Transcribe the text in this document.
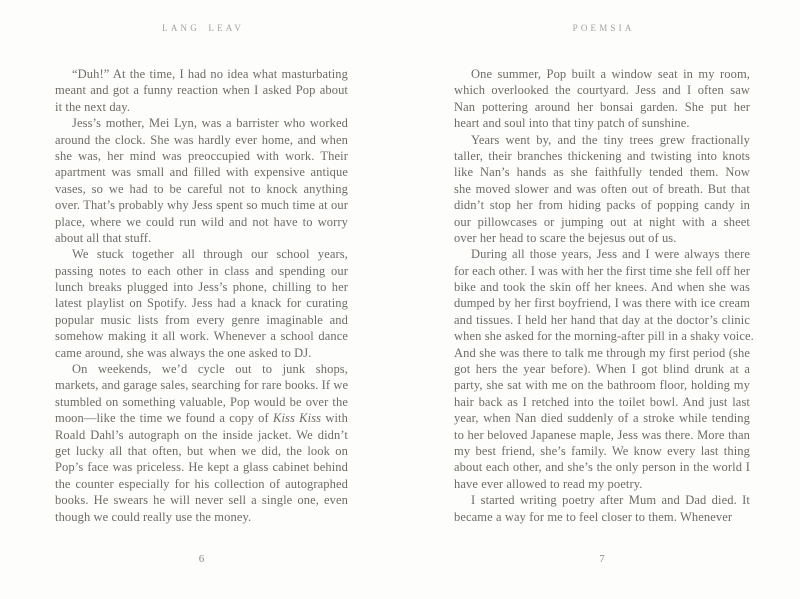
LANG LEAV
“Duh!” At the time, I had no idea what masturbating
meant and got a funny reaction when I asked Pop about
it the next day.
Jess’s mother, Mei Lyn, was a barrister who worked
around the clock. She was hardly ever home, and when
she was, her mind was preoccupied with work. Their
apartment was small and filled with expensive antique
vases, so we had to be careful not to knock anything
over. That’s probably why Jess spent so much time at our
place, where we could run wild and not have to worry
about all that stuff.
We stuck together all through our school years,
passing notes to each other in class and spending our
lunch breaks plugged into Jess’s phone, chilling to her
latest playlist on Spotify. Jess had a knack for curating
popular music lists from every genre imaginable and
somehow making it all work. Whenever a school dance
came around, she was always the one asked to DJ.
On weekends, we’d cycle out to junk shops,
markets, and garage sales, searching for rare books. If we
stumbled on something valuable, Pop would be over the
moon—like the time we found a copy of Kiss Kiss with
Roald Dahl’s autograph on the inside jacket. We didn’t
get lucky all that often, but when we did, the look on
Pop’s face was priceless. He kept a glass cabinet behind
the counter especially for his collection of autographed
books. He swears he will never sell a single one, even
though we could really use the money.
6
POEMSIA
One summer, Pop built a window seat in my room,
which overlooked the courtyard. Jess and I often saw
Nan pottering around her bonsai garden. She put her
heart and soul into that tiny patch of sunshine.
Years went by, and the tiny trees grew fractionally
taller, their branches thickening and twisting into knots
like Nan’s hands as she faithfully tended them. Now
she moved slower and was often out of breath. But that
didn’t stop her from hiding packs of popping candy in
our pillowcases or jumping out at night with a sheet
over her head to scare the bejesus out of us.
During all those years, Jess and I were always there
for each other. I was with her the first time she fell off her
bike and took the skin off her knees. And when she was
dumped by her first boyfriend, I was there with ice cream
and tissues. I held her hand that day at the doctor’s clinic
when she asked for the morning-after pill in a shaky voice.
And she was there to talk me through my first period (she
got hers the year before). When I got blind drunk at a
party, she sat with me on the bathroom floor, holding my
hair back as I retched into the toilet bowl. And just last
year, when Nan died suddenly of a stroke while tending
to her beloved Japanese maple, Jess was there. More than
my best friend, she’s family. We know every last thing
about each other, and she’s the only person in the world I
have ever allowed to read my poetry.
I started writing poetry after Mum and Dad died. It
became a way for me to feel closer to them. Whenever
7
